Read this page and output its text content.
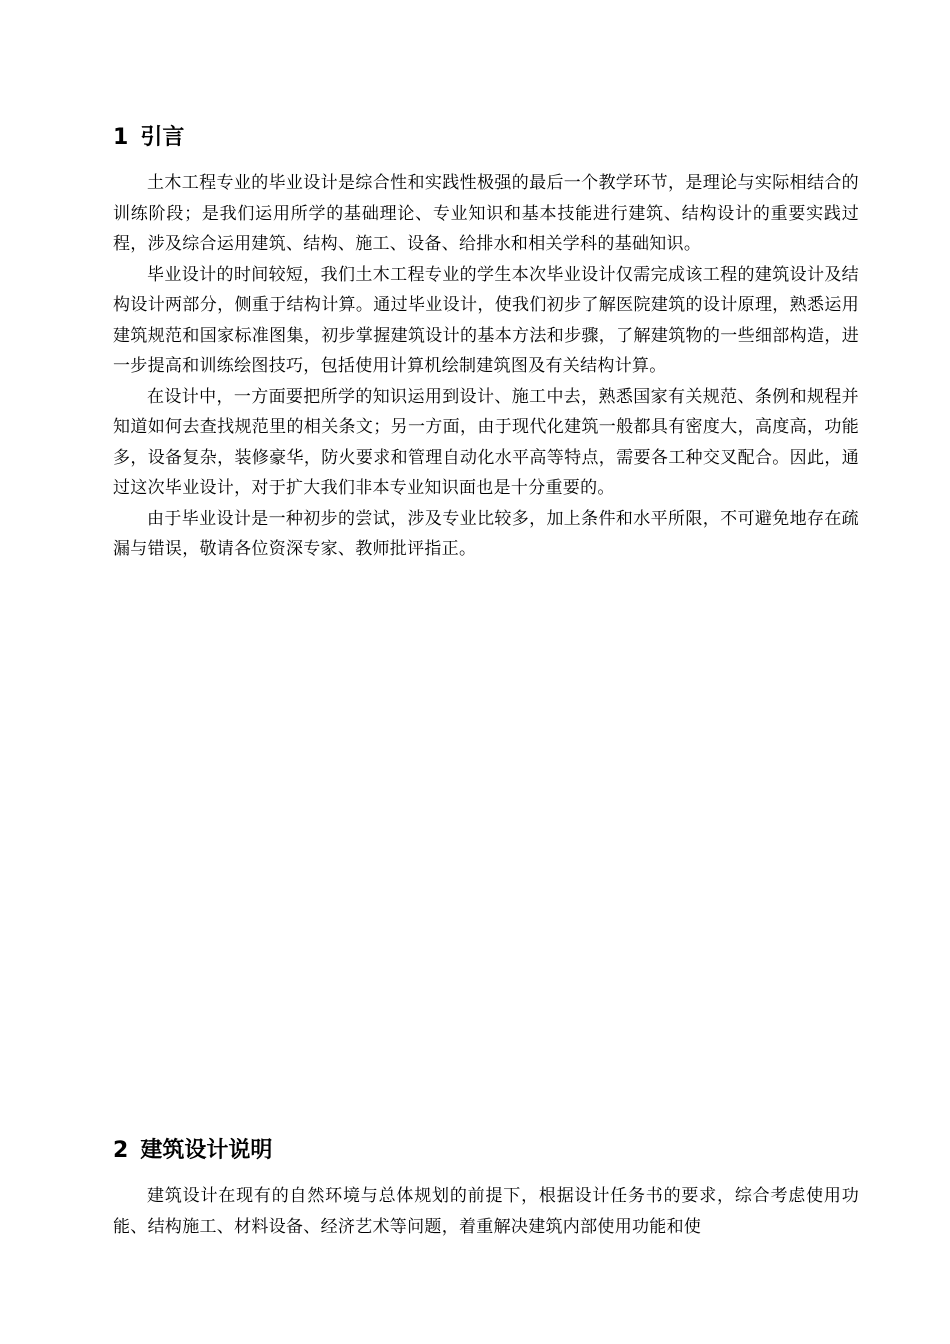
1 引言

土木工程专业的毕业设计是综合性和实践性极强的最后一个教学环节，是理论与实际相结合的训练阶段；是我们运用所学的基础理论、专业知识和基本技能进行建筑、结构设计的重要实践过程，涉及综合运用建筑、结构、施工、设备、给排水和相关学科的基础知识。

毕业设计的时间较短，我们土木工程专业的学生本次毕业设计仅需完成该工程的建筑设计及结构设计两部分，侧重于结构计算。通过毕业设计，使我们初步了解医院建筑的设计原理，熟悉运用建筑规范和国家标准图集，初步掌握建筑设计的基本方法和步骤，了解建筑物的一些细部构造，进一步提高和训练绘图技巧，包括使用计算机绘制建筑图及有关结构计算。

在设计中，一方面要把所学的知识运用到设计、施工中去，熟悉国家有关规范、条例和规程并知道如何去查找规范里的相关条文；另一方面，由于现代化建筑一般都具有密度大，高度高，功能多，设备复杂，装修豪华，防火要求和管理自动化水平高等特点，需要各工种交叉配合。因此，通过这次毕业设计，对于扩大我们非本专业知识面也是十分重要的。

由于毕业设计是一种初步的尝试，涉及专业比较多，加上条件和水平所限，不可避免地存在疏漏与错误，敬请各位资深专家、教师批评指正。

2 建筑设计说明

建筑设计在现有的自然环境与总体规划的前提下，根据设计任务书的要求，综合考虑使用功能、结构施工、材料设备、经济艺术等问题，着重解决建筑内部使用功能和使
